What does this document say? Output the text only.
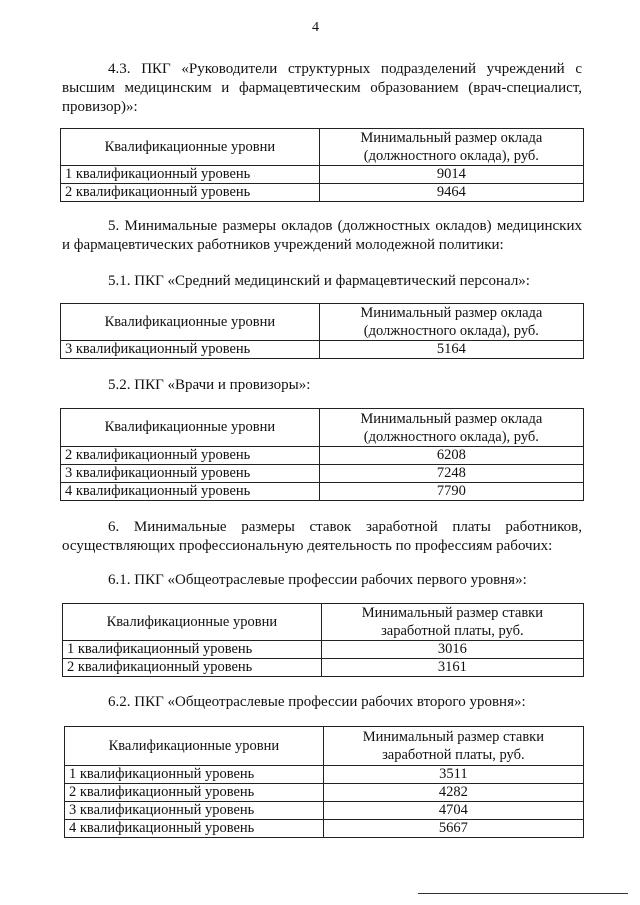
4
4.3. ПКГ «Руководители структурных подразделений учреждений с высшим медицинским и фармацевтическим образованием (врач-специалист, провизор)»:
Квалификационные уровни	Минимальный размер оклада (должностного оклада), руб.
1 квалификационный уровень	9014
2 квалификационный уровень	9464
5. Минимальные размеры окладов (должностных окладов) медицинских и фармацевтических работников учреждений молодежной политики:
5.1. ПКГ «Средний медицинский и фармацевтический персонал»:
Квалификационные уровни	Минимальный размер оклада (должностного оклада), руб.
3 квалификационный уровень	5164
5.2. ПКГ «Врачи и провизоры»:
Квалификационные уровни	Минимальный размер оклада (должностного оклада), руб.
2 квалификационный уровень	6208
3 квалификационный уровень	7248
4 квалификационный уровень	7790
6. Минимальные размеры ставок заработной платы работников, осуществляющих профессиональную деятельность по профессиям рабочих:
6.1. ПКГ «Общеотраслевые профессии рабочих первого уровня»:
Квалификационные уровни	Минимальный размер ставки заработной платы, руб.
1 квалификационный уровень	3016
2 квалификационный уровень	3161
6.2. ПКГ «Общеотраслевые профессии рабочих второго уровня»:
Квалификационные уровни	Минимальный размер ставки заработной платы, руб.
1 квалификационный уровень	3511
2 квалификационный уровень	4282
3 квалификационный уровень	4704
4 квалификационный уровень	5667
